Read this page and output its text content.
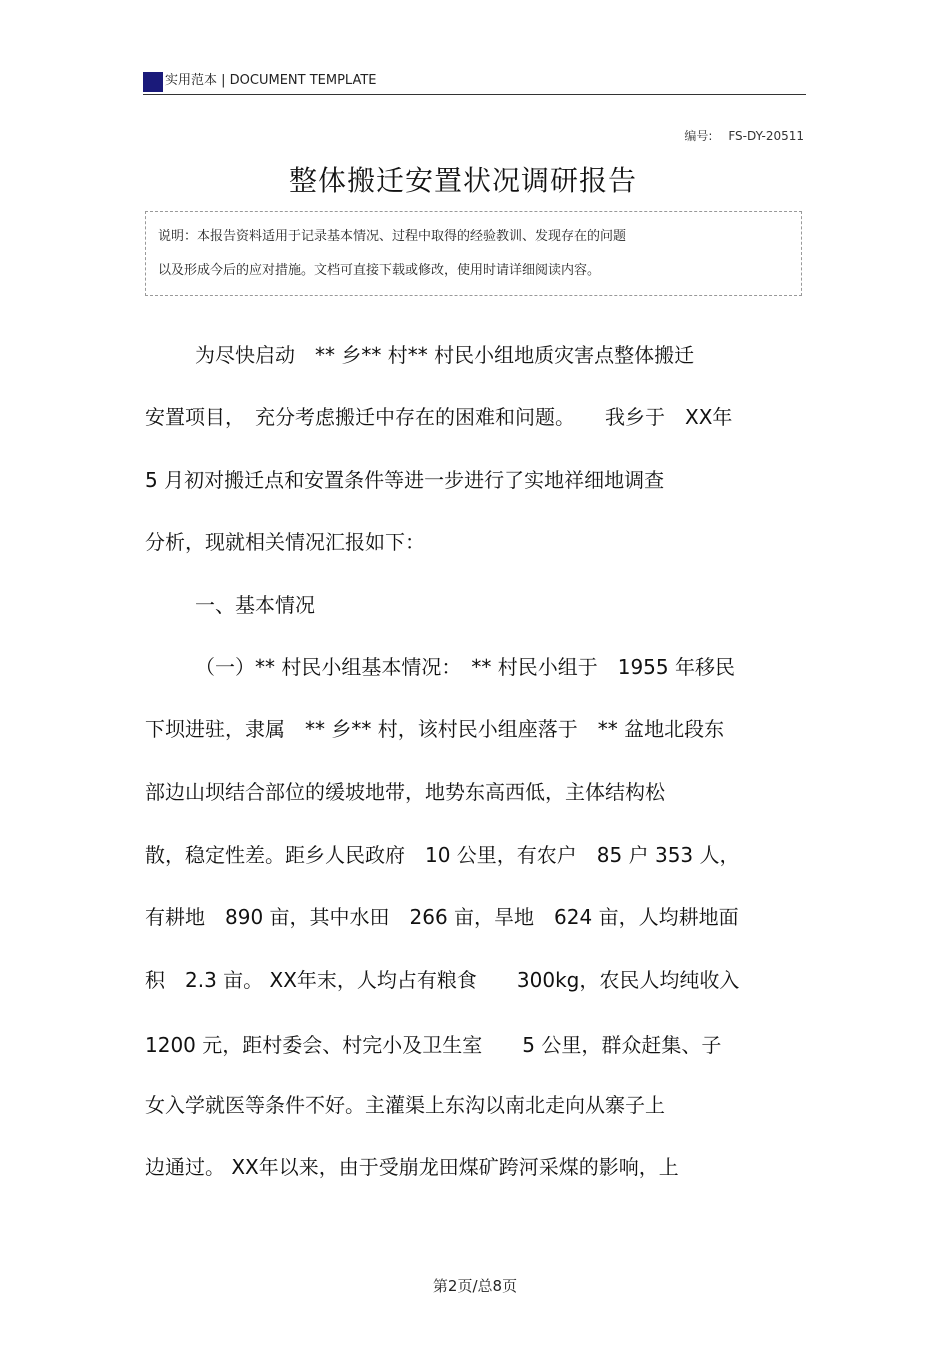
实用范本 | DOCUMENT TEMPLATE
编号: FS-DY-20511
整体搬迁安置状况调研报告
说明：本报告资料适用于记录基本情况、过程中取得的经验教训、发现存在的问题
以及形成今后的应对措施。文档可直接下载或修改，使用时请详细阅读内容。
为尽快启动　** 乡** 村** 村民小组地质灾害点整体搬迁
安置项目，　充分考虑搬迁中存在的困难和问题。　　我乡于　XX年
5 月初对搬迁点和安置条件等进一步进行了实地祥细地调查
分析，现就相关情况汇报如下：
一、基本情况
（一）** 村民小组基本情况：　** 村民小组于　1955 年移民
下坝进驻，隶属　** 乡** 村，该村民小组座落于　** 盆地北段东
部边山坝结合部位的缓坡地带，地势东高西低，主体结构松
散，稳定性差。距乡人民政府　10 公里，有农户　85 户 353 人，
有耕地　890 亩，其中水田　266 亩，旱地　624 亩，人均耕地面
积　2.3 亩。 XX年末，人均占有粮食　　300kg，农民人均纯收入
1200 元，距村委会、村完小及卫生室　　5 公里，群众赶集、子
女入学就医等条件不好。主灌渠上东沟以南北走向从寨子上
边通过。 XX年以来，由于受崩龙田煤矿跨河采煤的影响，上
第2页/总8页
